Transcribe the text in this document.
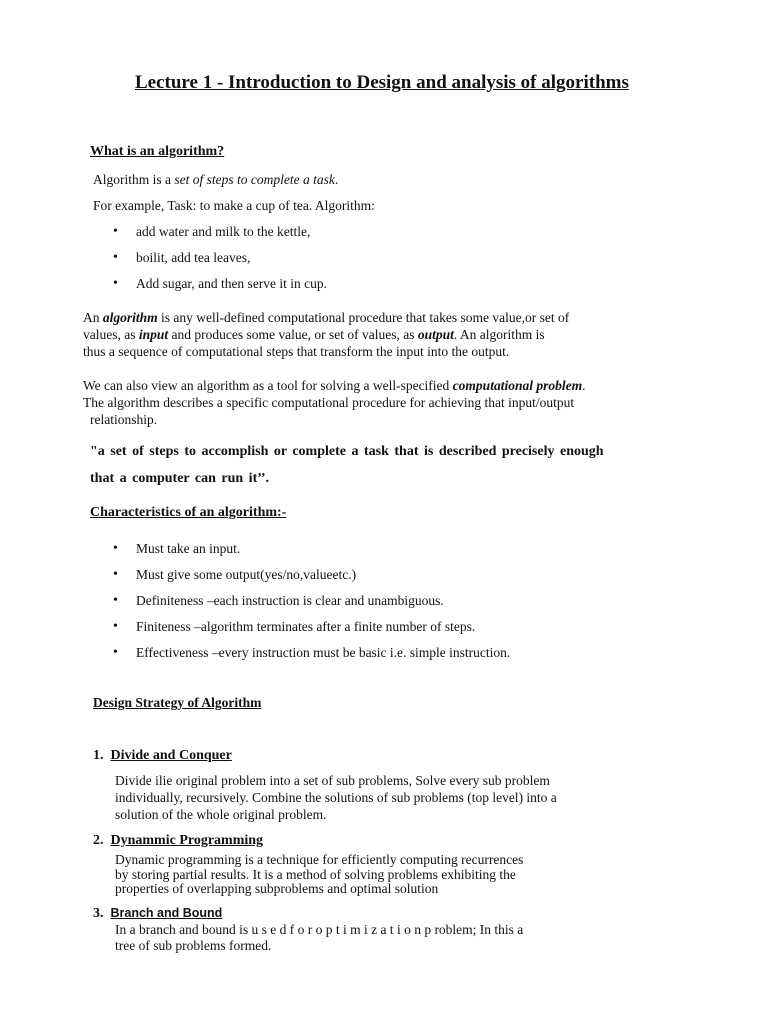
Lecture 1 - Introduction to Design and analysis of algorithms
What is an algorithm?
Algorithm is a set of steps to complete a task.
For example, Task: to make a cup of tea. Algorithm:
• add water and milk to the kettle,
• boilit, add tea leaves,
• Add sugar, and then serve it in cup.
An algorithm is any well-defined computational procedure that takes some value,or set of
values, as input and produces some value, or set of values, as output. An algorithm is
thus a sequence of computational steps that transform the input into the output.
We can also view an algorithm as a tool for solving a well-specified computational problem.
The algorithm describes a specific computational procedure for achieving that input/output
relationship.
"a set of steps to accomplish or complete a task that is described precisely enough
that a computer can run it’’.
Characteristics of an algorithm:-
• Must take an input.
• Must give some output(yes/no,valueetc.)
• Definiteness –each instruction is clear and unambiguous.
• Finiteness –algorithm terminates after a finite number of steps.
• Effectiveness –every instruction must be basic i.e. simple instruction.
Design Strategy of Algorithm
1. Divide and Conquer
Divide ilie original problem into a set of sub problems, Solve every sub problem
individually, recursively. Combine the solutions of sub problems (top level) into a
solution of the whole original problem.
2. Dynammic Programming
Dynamic programming is a technique for efficiently computing recurrences
by storing partial results. It is a method of solving problems exhibiting the
properties of overlapping subproblems and optimal solution
3. Branch and Bound
In a branch and bound is u s e d f o r o p t i m i z a t i o n p roblem; In this a
tree of sub problems formed.
